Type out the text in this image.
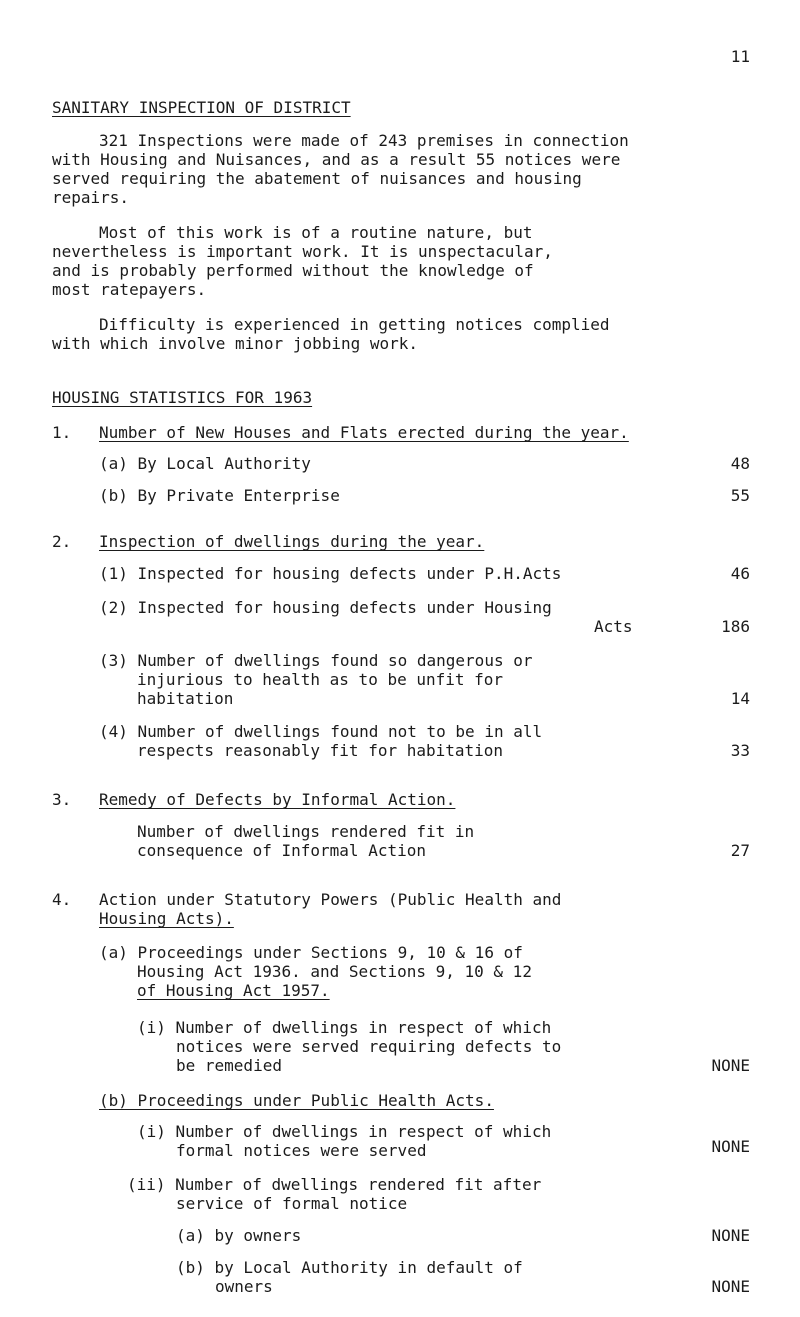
11
SANITARY INSPECTION OF DISTRICT
321 Inspections were made of 243 premises in connection
with Housing and Nuisances, and as a result 55 notices were
served requiring the abatement of nuisances and housing
repairs.
Most of this work is of a routine nature, but
nevertheless is important work. It is unspectacular,
and is probably performed without the knowledge of
most ratepayers.
Difficulty is experienced in getting notices complied
with which involve minor jobbing work.
HOUSING STATISTICS FOR 1963
1. Number of New Houses and Flats erected during the year.
(a) By Local Authority	48
(b) By Private Enterprise	55
2. Inspection of dwellings during the year.
(1) Inspected for housing defects under P.H.Acts	46
(2) Inspected for housing defects under Housing
Acts	186
(3) Number of dwellings found so dangerous or
injurious to health as to be unfit for
habitation	14
(4) Number of dwellings found not to be in all
respects reasonably fit for habitation	33
3. Remedy of Defects by Informal Action.
Number of dwellings rendered fit in
consequence of Informal Action	27
4. Action under Statutory Powers (Public Health and
Housing Acts).
(a) Proceedings under Sections 9, 10 & 16 of
Housing Act 1936. and Sections 9, 10 & 12
of Housing Act 1957.
(i) Number of dwellings in respect of which
notices were served requiring defects to
be remedied	NONE
(b) Proceedings under Public Health Acts.
(i) Number of dwellings in respect of which
formal notices were served	NONE
(ii) Number of dwellings rendered fit after
service of formal notice
(a) by owners	NONE
(b) by Local Authority in default of
owners	NONE
